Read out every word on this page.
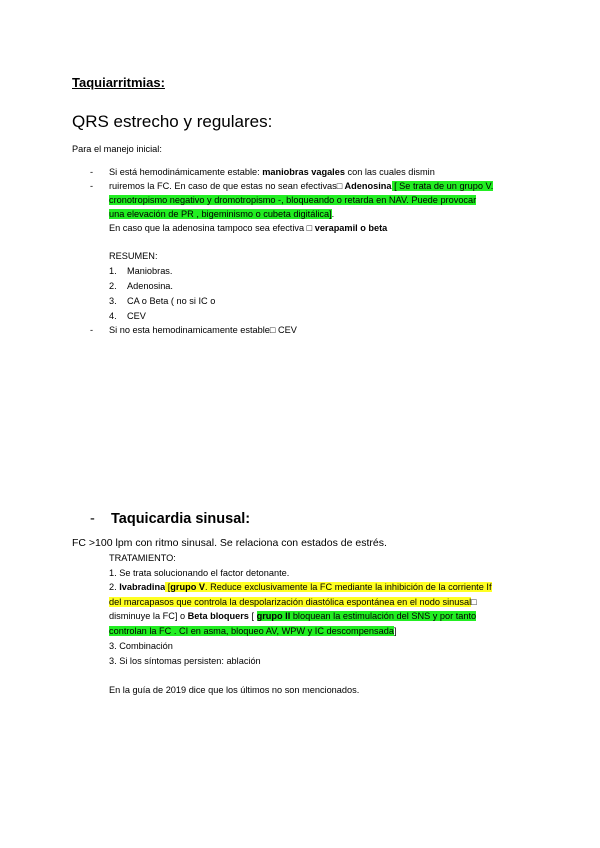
Taquiarritmias:
QRS estrecho y regulares:
Para el manejo inicial:
- Si está hemodinámicamente estable: maniobras vagales con las cuales dismin
- ruiremos la FC. En caso de que estas no sean efectivas□ Adenosina [ Se trata de un grupo V.
cronotropismo negativo y dromotropismo -, bloqueando o retarda en NAV. Puede provocar
una elevación de PR , bigeminismo o cubeta digitálica].
En caso que la adenosina tampoco sea efectiva □ verapamil o beta
RESUMEN:
1. Maniobras.
2. Adenosina.
3. CA o Beta ( no si IC o
4. CEV
- Si no esta hemodinamicamente estable□ CEV
- Taquicardia sinusal:
FC >100 lpm con ritmo sinusal. Se relaciona con estados de estrés.
TRATAMIENTO:
1. Se trata solucionando el factor detonante.
2. Ivabradina [grupo V. Reduce exclusivamente la FC mediante la inhibición de la corriente If
del marcapasos que controla la despolarización diastólica espontánea en el nodo sinusal□
disminuye la FC] o Beta bloquers [ grupo II bloquean la estimulación del SNS y por tanto
controlan la FC . CI en asma, bloqueo AV, WPW y IC descompensada]
3. Combinación
3. Si los síntomas persisten: ablación
En la guía de 2019 dice que los últimos no son mencionados.
